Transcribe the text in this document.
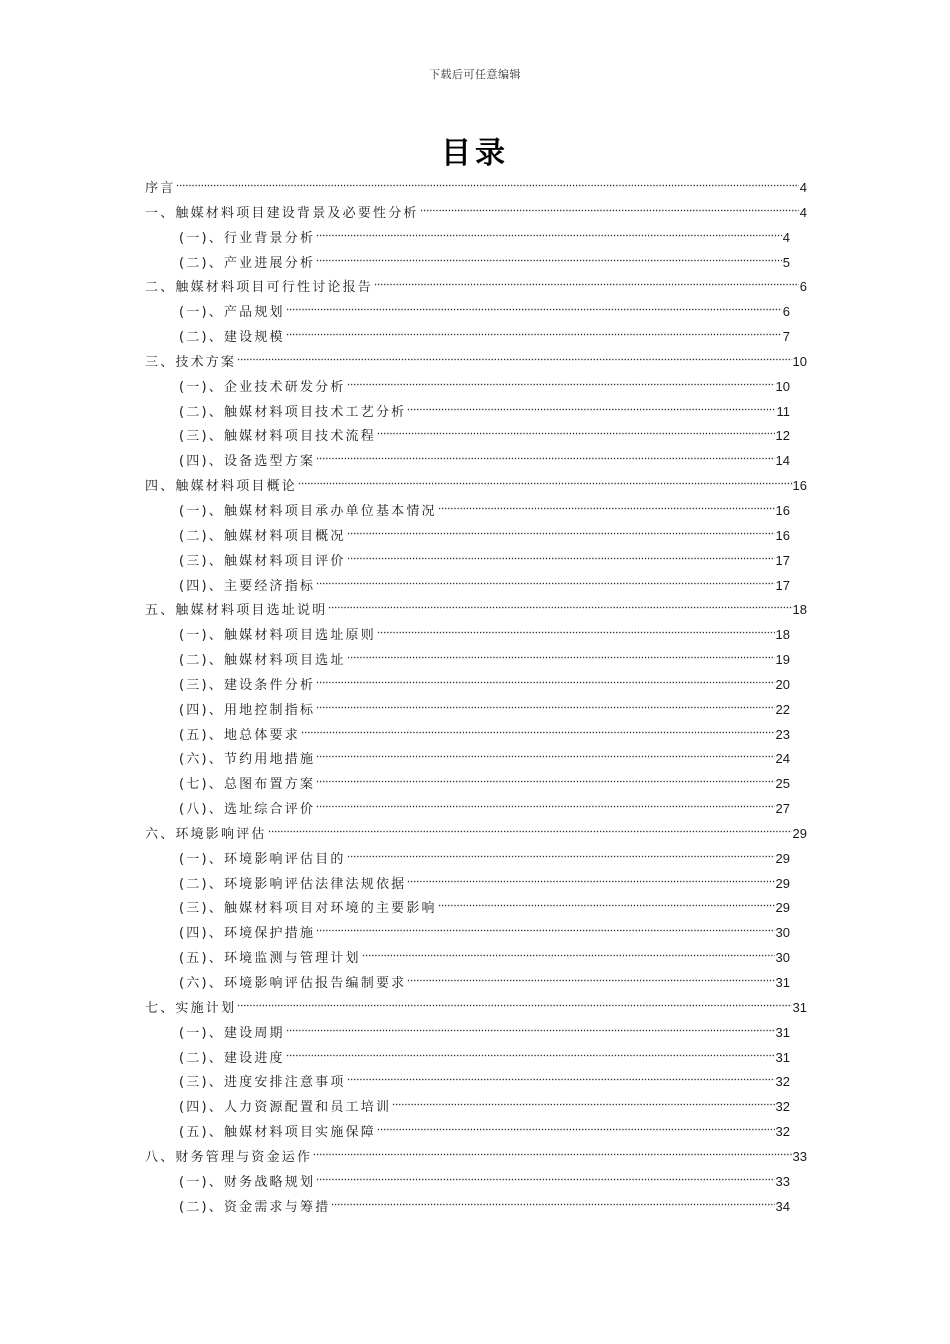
下载后可任意编辑
目录
序言	4
一、触媒材料项目建设背景及必要性分析	4
(一)、行业背景分析	4
(二)、产业进展分析	5
二、触媒材料项目可行性讨论报告	6
(一)、产品规划	6
(二)、建设规模	7
三、技术方案	10
(一)、企业技术研发分析	10
(二)、触媒材料项目技术工艺分析	11
(三)、触媒材料项目技术流程	12
(四)、设备选型方案	14
四、触媒材料项目概论	16
(一)、触媒材料项目承办单位基本情况	16
(二)、触媒材料项目概况	16
(三)、触媒材料项目评价	17
(四)、主要经济指标	17
五、触媒材料项目选址说明	18
(一)、触媒材料项目选址原则	18
(二)、触媒材料项目选址	19
(三)、建设条件分析	20
(四)、用地控制指标	22
(五)、地总体要求	23
(六)、节约用地措施	24
(七)、总图布置方案	25
(八)、选址综合评价	27
六、环境影响评估	29
(一)、环境影响评估目的	29
(二)、环境影响评估法律法规依据	29
(三)、触媒材料项目对环境的主要影响	29
(四)、环境保护措施	30
(五)、环境监测与管理计划	30
(六)、环境影响评估报告编制要求	31
七、实施计划	31
(一)、建设周期	31
(二)、建设进度	31
(三)、进度安排注意事项	32
(四)、人力资源配置和员工培训	32
(五)、触媒材料项目实施保障	32
八、财务管理与资金运作	33
(一)、财务战略规划	33
(二)、资金需求与筹措	34
